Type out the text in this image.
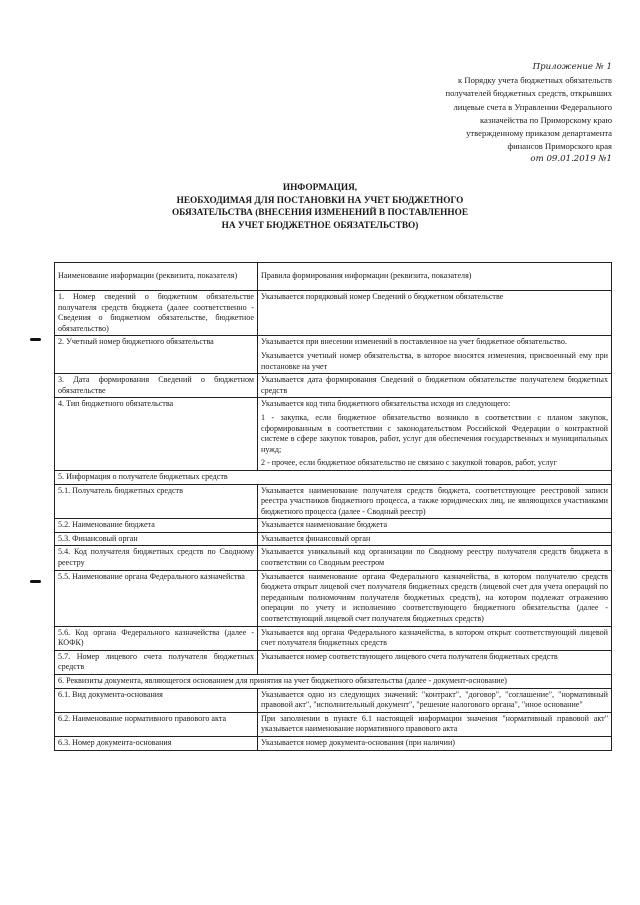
Приложение № 1
к Порядку учета бюджетных обязательств
получателей бюджетных средств, открывших
лицевые счета в Управлении Федерального
казначейства по Приморскому краю
утвержденному приказом департамента
финансов Приморского края
от 09.01.2019 №1
ИНФОРМАЦИЯ,
НЕОБХОДИМАЯ ДЛЯ ПОСТАНОВКИ НА УЧЕТ БЮДЖЕТНОГО
ОБЯЗАТЕЛЬСТВА (ВНЕСЕНИЯ ИЗМЕНЕНИЙ В ПОСТАВЛЕННОЕ
НА УЧЕТ БЮДЖЕТНОЕ ОБЯЗАТЕЛЬСТВО)
Наименование информации (реквизита, показателя)	Правила формирования информации (реквизита, показателя)
1. Номер сведений о бюджетном обязательстве получателя средств бюджета (далее соответственно - Сведения о бюджетном обязательстве, бюджетное обязательство)	Указывается порядковый номер Сведений о бюджетном обязательстве

2. Учетный номер бюджетного обязательства	Указывается при внесении изменений в поставленное на учет бюджетное обязательство.

Указывается учетный номер обязательства, в которое вносятся изменения, присвоенный ему при постановке на учет

3. Дата формирования Сведений о бюджетном обязательстве	Указывается дата формирования Сведений о бюджетном обязательстве получателем бюджетных средств

4. Тип бюджетного обязательства	Указывается код типа бюджетного обязательства исходя из следующего:

1 - закупка, если бюджетное обязательство возникло в соответствии с планом закупок, сформированным в соответствии с законодательством Российской Федерации о контрактной системе в сфере закупок товаров, работ, услуг для обеспечения государственных и муниципальных нужд;

2 - прочее, если бюджетное обязательство не связано с закупкой товаров, работ, услуг

5. Информация о получателе бюджетных средств	
5.1. Получатель бюджетных средств	Указывается наименование получателя средств бюджета, соответствующее реестровой записи реестра участников бюджетного процесса, а также юридических лиц, не являющихся участниками бюджетного процесса (далее - Сводный реестр)

5.2. Наименование бюджета	Указывается наименование бюджета

5.3. Финансовый орган	Указывается финансовый орган

5.4. Код получателя бюджетных средств по Сводному реестру	Указывается уникальный код организации по Сводному реестру получателя средств бюджета в соответствии со Сводным реестром

5.5. Наименование органа Федерального казначейства	Указывается наименование органа Федерального казначейства, в котором получателю средств бюджета открыт лицевой счет получателя бюджетных средств (лицевой счет для учета операций по переданным полномочиям получателя бюджетных средств), на котором подлежат отражению операции по учету и исполнению соответствующего бюджетного обязательства (далее - соответствующий лицевой счет получателя бюджетных средств)

5.6. Код органа Федерального казначейства (далее - КОФК)	Указывается код органа Федерального казначейства, в котором открыт соответствующий лицевой счет получателя бюджетных средств

5.7. Номер лицевого счета получателя бюджетных средств	Указывается номер соответствующего лицевого счета получателя бюджетных средств

6. Реквизиты документа, являющегося основанием для принятия на учет бюджетного обязательства (далее - документ-основание)	
6.1. Вид документа-основания	Указывается одно из следующих значений: "контракт", "договор", "соглашение", "нормативный правовой акт", "исполнительный документ", "решение налогового органа", "иное основание"

6.2. Наименование нормативного правового акта	При заполнении в пункте 6.1 настоящей информации значения "нормативный правовой акт" указывается наименование нормативного правового акта

6.3. Номер документа-основания	Указывается номер документа-основания (при наличии)
